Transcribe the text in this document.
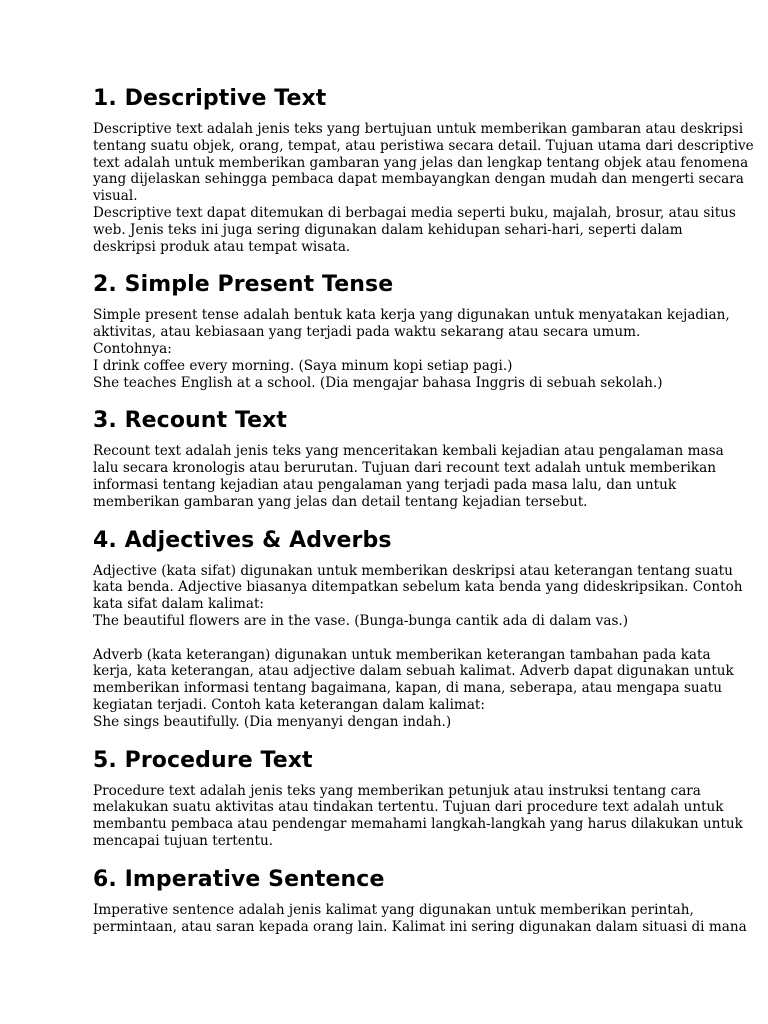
1. Descriptive Text

Descriptive text adalah jenis teks yang bertujuan untuk memberikan gambaran atau deskripsi
tentang suatu objek, orang, tempat, atau peristiwa secara detail. Tujuan utama dari descriptive
text adalah untuk memberikan gambaran yang jelas dan lengkap tentang objek atau fenomena
yang dijelaskan sehingga pembaca dapat membayangkan dengan mudah dan mengerti secara
visual.
Descriptive text dapat ditemukan di berbagai media seperti buku, majalah, brosur, atau situs
web. Jenis teks ini juga sering digunakan dalam kehidupan sehari-hari, seperti dalam
deskripsi produk atau tempat wisata.

2. Simple Present Tense

Simple present tense adalah bentuk kata kerja yang digunakan untuk menyatakan kejadian,
aktivitas, atau kebiasaan yang terjadi pada waktu sekarang atau secara umum.
Contohnya:
I drink coffee every morning. (Saya minum kopi setiap pagi.)
She teaches English at a school. (Dia mengajar bahasa Inggris di sebuah sekolah.)

3. Recount Text

Recount text adalah jenis teks yang menceritakan kembali kejadian atau pengalaman masa
lalu secara kronologis atau berurutan. Tujuan dari recount text adalah untuk memberikan
informasi tentang kejadian atau pengalaman yang terjadi pada masa lalu, dan untuk
memberikan gambaran yang jelas dan detail tentang kejadian tersebut.

4. Adjectives & Adverbs

Adjective (kata sifat) digunakan untuk memberikan deskripsi atau keterangan tentang suatu
kata benda. Adjective biasanya ditempatkan sebelum kata benda yang dideskripsikan. Contoh
kata sifat dalam kalimat:
The beautiful flowers are in the vase. (Bunga-bunga cantik ada di dalam vas.)
Adverb (kata keterangan) digunakan untuk memberikan keterangan tambahan pada kata
kerja, kata keterangan, atau adjective dalam sebuah kalimat. Adverb dapat digunakan untuk
memberikan informasi tentang bagaimana, kapan, di mana, seberapa, atau mengapa suatu
kegiatan terjadi. Contoh kata keterangan dalam kalimat:
She sings beautifully. (Dia menyanyi dengan indah.)

5. Procedure Text

Procedure text adalah jenis teks yang memberikan petunjuk atau instruksi tentang cara
melakukan suatu aktivitas atau tindakan tertentu. Tujuan dari procedure text adalah untuk
membantu pembaca atau pendengar memahami langkah-langkah yang harus dilakukan untuk
mencapai tujuan tertentu.

6. Imperative Sentence

Imperative sentence adalah jenis kalimat yang digunakan untuk memberikan perintah,
permintaan, atau saran kepada orang lain. Kalimat ini sering digunakan dalam situasi di mana
